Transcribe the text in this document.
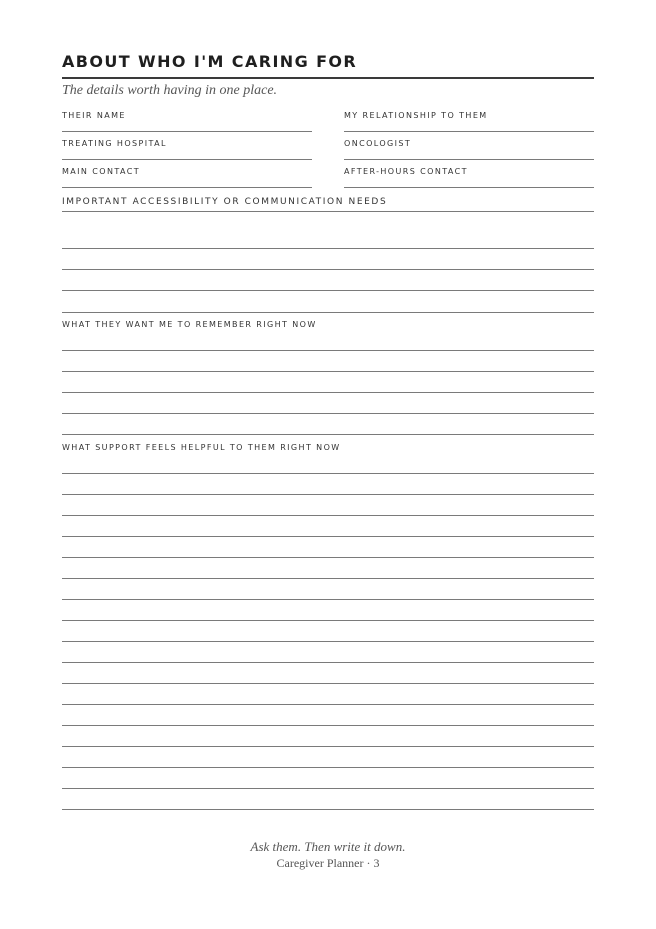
ABOUT WHO I'M CARING FOR
The details worth having in one place.
THEIR NAME	MY RELATIONSHIP TO THEM
TREATING HOSPITAL	ONCOLOGIST
MAIN CONTACT	AFTER-HOURS CONTACT
IMPORTANT ACCESSIBILITY OR COMMUNICATION NEEDS
WHAT THEY WANT ME TO REMEMBER RIGHT NOW
WHAT SUPPORT FEELS HELPFUL TO THEM RIGHT NOW
Ask them. Then write it down.
Caregiver Planner · 3
